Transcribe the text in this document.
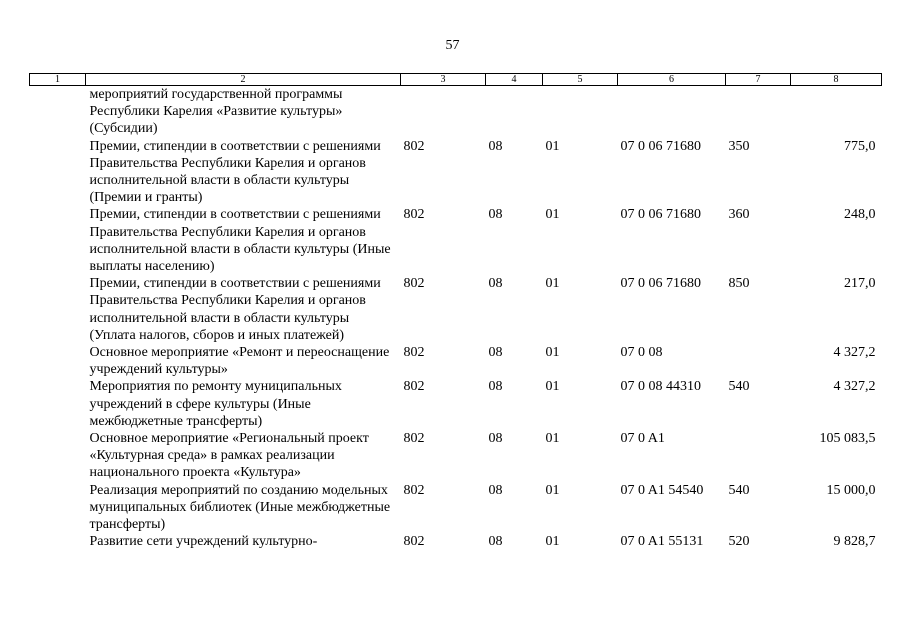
57
1	2	3	4	5	6	7	8
	мероприятий государственной программы Республики Карелия «Развитие культуры» (Субсидии)						
	Премии, стипендии в соответствии с решениями Правительства Республики Карелия и органов исполнительной власти в области культуры (Премии и гранты)	802	08	01	07 0 06 71680	350	775,0
	Премии, стипендии в соответствии с решениями Правительства Республики Карелия и органов исполнительной власти в области культуры (Иные выплаты населению)	802	08	01	07 0 06 71680	360	248,0
	Премии, стипендии в соответствии с решениями Правительства Республики Карелия и органов исполнительной власти в области культуры (Уплата налогов, сборов и иных платежей)	802	08	01	07 0 06 71680	850	217,0
	Основное мероприятие «Ремонт и переоснащение учреждений культуры»	802	08	01	07 0 08		4 327,2
	Мероприятия по ремонту муниципальных учреждений в сфере культуры (Иные межбюджетные трансферты)	802	08	01	07 0 08 44310	540	4 327,2
	Основное мероприятие «Региональный проект «Культурная среда» в рамках реализации национального проекта «Культура»	802	08	01	07 0 A1		105 083,5
	Реализация мероприятий по созданию модельных муниципальных библиотек (Иные межбюджетные трансферты)	802	08	01	07 0 A1 54540	540	15 000,0
	Развитие сети учреждений культурно-	802	08	01	07 0 A1 55131	520	9 828,7
